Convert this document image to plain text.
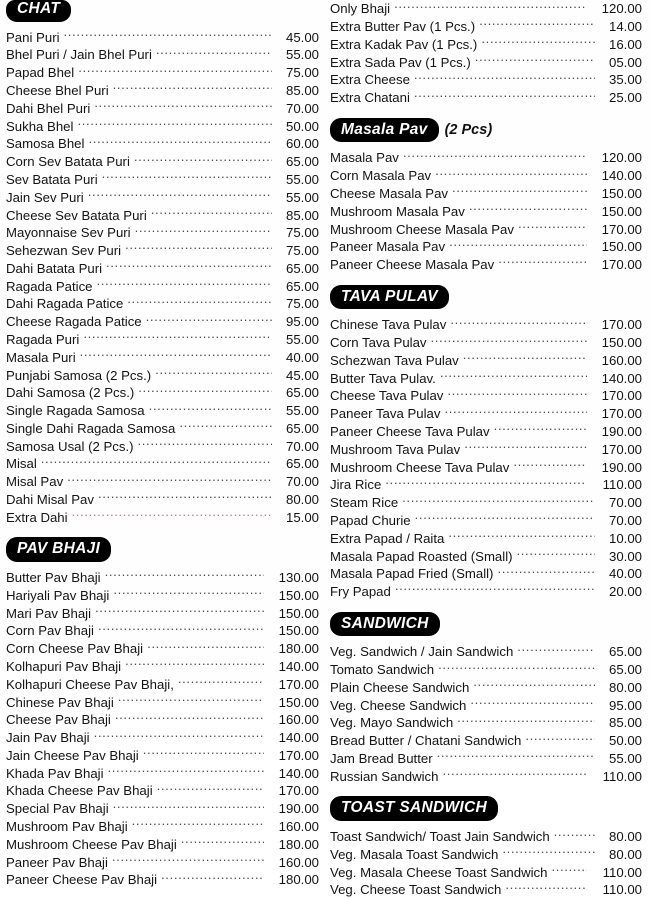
CHAT
Pani Puri .....	45.00
Bhel Puri / Jain Bhel Puri .....	55.00
Papad Bhel .....	75.00
Cheese Bhel Puri .....	85.00
Dahi Bhel Puri .....	70.00
Sukha Bhel .....	50.00
Samosa Bhel .....	60.00
Corn Sev Batata Puri .....	65.00
Sev Batata Puri .....	55.00
Jain Sev Puri .....	55.00
Cheese Sev Batata Puri .....	85.00
Mayonnaise Sev Puri .....	75.00
Sehezwan Sev Puri .....	75.00
Dahi Batata Puri .....	65.00
Ragada Patice .....	65.00
Dahi Ragada Patice .....	75.00
Cheese Ragada Patice .....	95.00
Ragada Puri .....	55.00
Masala Puri .....	40.00
Punjabi Samosa (2 Pcs.) .....	45.00
Dahi Samosa (2 Pcs.) .....	65.00
Single Ragada Samosa .....	55.00
Single Dahi Ragada Samosa .....	65.00
Samosa Usal (2 Pcs.) .....	70.00
Misal .....	65.00
Misal Pav .....	70.00
Dahi Misal Pav .....	80.00
Extra Dahi .....	15.00
PAV BHAJI
Butter Pav Bhaji .....	130.00
Hariyali Pav Bhaji .....	150.00
Mari Pav Bhaji .....	150.00
Corn Pav Bhaji .....	150.00
Corn Cheese Pav Bhaji .....	180.00
Kolhapuri Pav Bhaji .....	140.00
Kolhapuri Cheese Pav Bhaji, .....	170.00
Chinese Pav Bhaji .....	150.00
Cheese Pav Bhaji .....	160.00
Jain Pav Bhaji .....	140.00
Jain Cheese Pav Bhaji .....	170.00
Khada Pav Bhaji .....	140.00
Khada Cheese Pav Bhaji .....	170.00
Special Pav Bhaji .....	190.00
Mushroom Pav Bhaji .....	160.00
Mushroom Cheese Pav Bhaji .....	180.00
Paneer Pav Bhaji .....	160.00
Paneer Cheese Pav Bhaji .....	180.00
Only Bhaji .....	120.00
Extra Butter Pav (1 Pcs.) .....	14.00
Extra Kadak Pav (1 Pcs.) .....	16.00
Extra Sada Pav (1 Pcs.) .....	05.00
Extra Cheese .....	35.00
Extra Chatani .....	25.00
Masala Pav	(2 Pcs)
Masala Pav .....	120.00
Corn Masala Pav .....	140.00
Cheese Masala Pav .....	150.00
Mushroom Masala Pav .....	150.00
Mushroom Cheese Masala Pav .....	170.00
Paneer Masala Pav .....	150.00
Paneer Cheese Masala Pav .....	170.00
TAVA PULAV
Chinese Tava Pulav .....	170.00
Corn Tava Pulav .....	150.00
Schezwan Tava Pulav .....	160.00
Butter Tava Pulav. .....	140.00
Cheese Tava Pulav .....	170.00
Paneer Tava Pulav .....	170.00
Paneer Cheese Tava Pulav .....	190.00
Mushroom Tava Pulav .....	170.00
Mushroom Cheese Tava Pulav .....	190.00
Jira Rice .....	110.00
Steam Rice .....	70.00
Papad Churie .....	70.00
Extra Papad / Raita .....	10.00
Masala Papad Roasted (Small) .....	30.00
Masala Papad Fried (Small) .....	40.00
Fry Papad .....	20.00
SANDWICH
Veg. Sandwich / Jain Sandwich .....	65.00
Tomato Sandwich .....	65.00
Plain Cheese Sandwich .....	80.00
Veg. Cheese Sandwich .....	95.00
Veg. Mayo Sandwich .....	85.00
Bread Butter / Chatani Sandwich .....	50.00
Jam Bread Butter .....	55.00
Russian Sandwich .....	110.00
TOAST SANDWICH
Toast Sandwich/ Toast Jain Sandwich .....	80.00
Veg. Masala Toast Sandwich .....	80.00
Veg. Masala Cheese Toast Sandwich .....	110.00
Veg. Cheese Toast Sandwich .....	110.00
